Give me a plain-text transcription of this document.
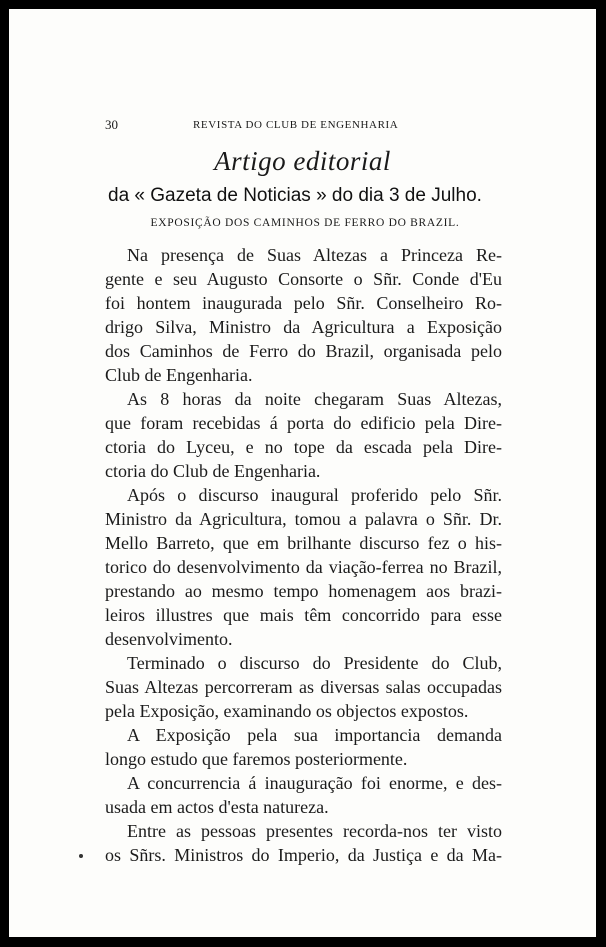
30	REVISTA DO CLUB DE ENGENHARIA
Artigo editorial
da « Gazeta de Noticias » do dia 3 de Julho.
EXPOSIÇÃO DOS CAMINHOS DE FERRO DO BRAZIL.
Na presença de Suas Altezas a Princeza Re-
gente e seu Augusto Consorte o Sñr. Conde d'Eu
foi hontem inaugurada pelo Sñr. Conselheiro Ro-
drigo Silva, Ministro da Agricultura a Exposição
dos Caminhos de Ferro do Brazil, organisada pelo
Club de Engenharia.
As 8 horas da noite chegaram Suas Altezas,
que foram recebidas á porta do edificio pela Dire-
ctoria do Lyceu, e no tope da escada pela Dire-
ctoria do Club de Engenharia.
Após o discurso inaugural proferido pelo Sñr.
Ministro da Agricultura, tomou a palavra o Sñr. Dr.
Mello Barreto, que em brilhante discurso fez o his-
torico do desenvolvimento da viação-ferrea no Brazil,
prestando ao mesmo tempo homenagem aos brazi-
leiros illustres que mais têm concorrido para esse
desenvolvimento.
Terminado o discurso do Presidente do Club,
Suas Altezas percorreram as diversas salas occupadas
pela Exposição, examinando os objectos expostos.
A Exposição pela sua importancia demanda
longo estudo que faremos posteriormente.
A concurrencia á inauguração foi enorme, e des-
usada em actos d'esta natureza.
Entre as pessoas presentes recorda-nos ter visto
os Sñrs. Ministros do Imperio, da Justiça e da Ma-
